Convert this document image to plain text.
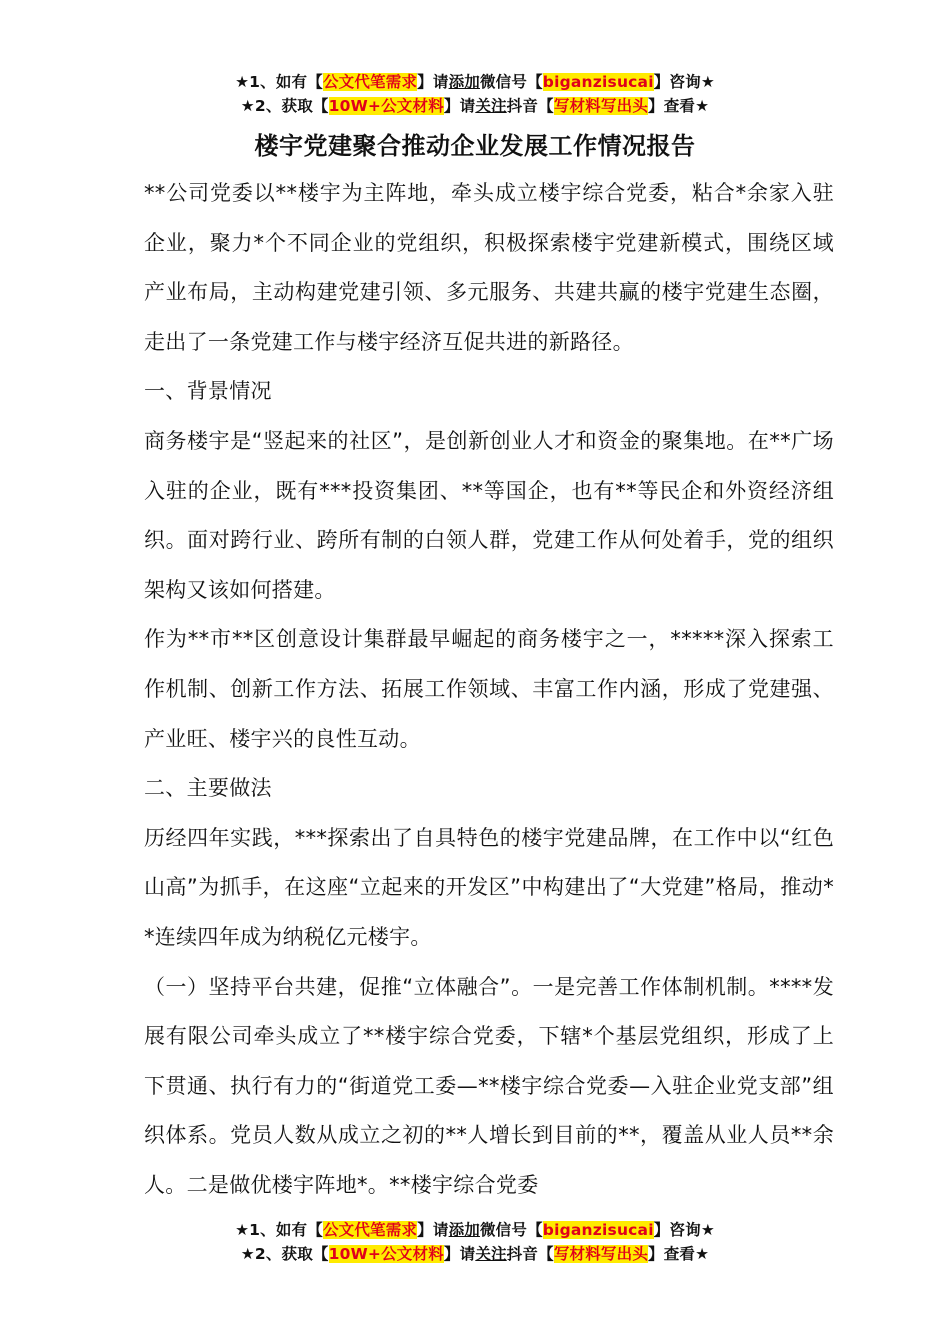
★1、如有【公文代笔需求】请添加微信号【biganzisucai】咨询★
★2、获取【10W+公文材料】请关注抖音【写材料写出头】查看★
楼宇党建聚合推动企业发展工作情况报告

**公司党委以**楼宇为主阵地，牵头成立楼宇综合党委，粘合*余家入驻企业，聚力*个不同企业的党组织，积极探索楼宇党建新模式，围绕区域产业布局，主动构建党建引领、多元服务、共建共赢的楼宇党建生态圈，走出了一条党建工作与楼宇经济互促共进的新路径。

一、背景情况

商务楼宇是“竖起来的社区”，是创新创业人才和资金的聚集地。在**广场入驻的企业，既有***投资集团、**等国企，也有**等民企和外资经济组织。面对跨行业、跨所有制的白领人群，党建工作从何处着手，党的组织架构又该如何搭建。

作为**市**区创意设计集群最早崛起的商务楼宇之一，*****深入探索工作机制、创新工作方法、拓展工作领域、丰富工作内涵，形成了党建强、产业旺、楼宇兴的良性互动。

二、主要做法

历经四年实践，***探索出了自具特色的楼宇党建品牌，在工作中以“红色山高”为抓手，在这座“立起来的开发区”中构建出了“大党建”格局，推动**连续四年成为纳税亿元楼宇。

（一）坚持平台共建，促推“立体融合”。一是完善工作体制机制。****发展有限公司牵头成立了**楼宇综合党委，下辖*个基层党组织，形成了上下贯通、执行有力的“街道党工委—**楼宇综合党委—入驻企业党支部”组织体系。党员人数从成立之初的**人增长到目前的**，覆盖从业人员**余人。二是做优楼宇阵地*。**楼宇综合党委

★1、如有【公文代笔需求】请添加微信号【biganzisucai】咨询★
★2、获取【10W+公文材料】请关注抖音【写材料写出头】查看★
